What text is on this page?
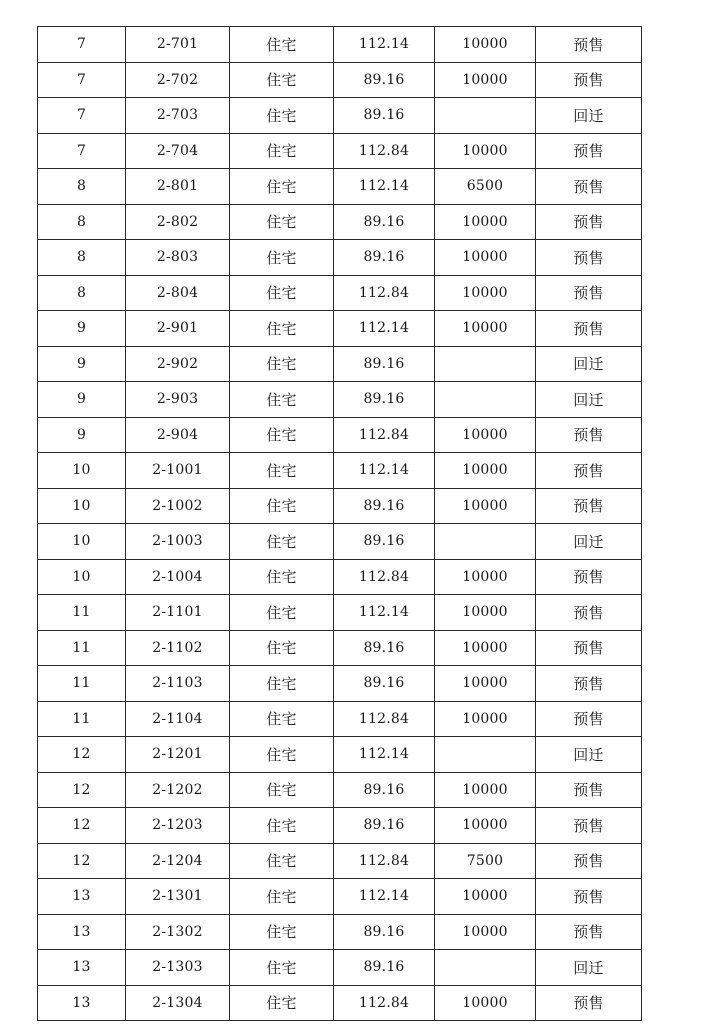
7	2-701	住宅	112.14	10000	预售
7	2-702	住宅	89.16	10000	预售
7	2-703	住宅	89.16		回迁
7	2-704	住宅	112.84	10000	预售
8	2-801	住宅	112.14	6500	预售
8	2-802	住宅	89.16	10000	预售
8	2-803	住宅	89.16	10000	预售
8	2-804	住宅	112.84	10000	预售
9	2-901	住宅	112.14	10000	预售
9	2-902	住宅	89.16		回迁
9	2-903	住宅	89.16		回迁
9	2-904	住宅	112.84	10000	预售
10	2-1001	住宅	112.14	10000	预售
10	2-1002	住宅	89.16	10000	预售
10	2-1003	住宅	89.16		回迁
10	2-1004	住宅	112.84	10000	预售
11	2-1101	住宅	112.14	10000	预售
11	2-1102	住宅	89.16	10000	预售
11	2-1103	住宅	89.16	10000	预售
11	2-1104	住宅	112.84	10000	预售
12	2-1201	住宅	112.14		回迁
12	2-1202	住宅	89.16	10000	预售
12	2-1203	住宅	89.16	10000	预售
12	2-1204	住宅	112.84	7500	预售
13	2-1301	住宅	112.14	10000	预售
13	2-1302	住宅	89.16	10000	预售
13	2-1303	住宅	89.16		回迁
13	2-1304	住宅	112.84	10000	预售
